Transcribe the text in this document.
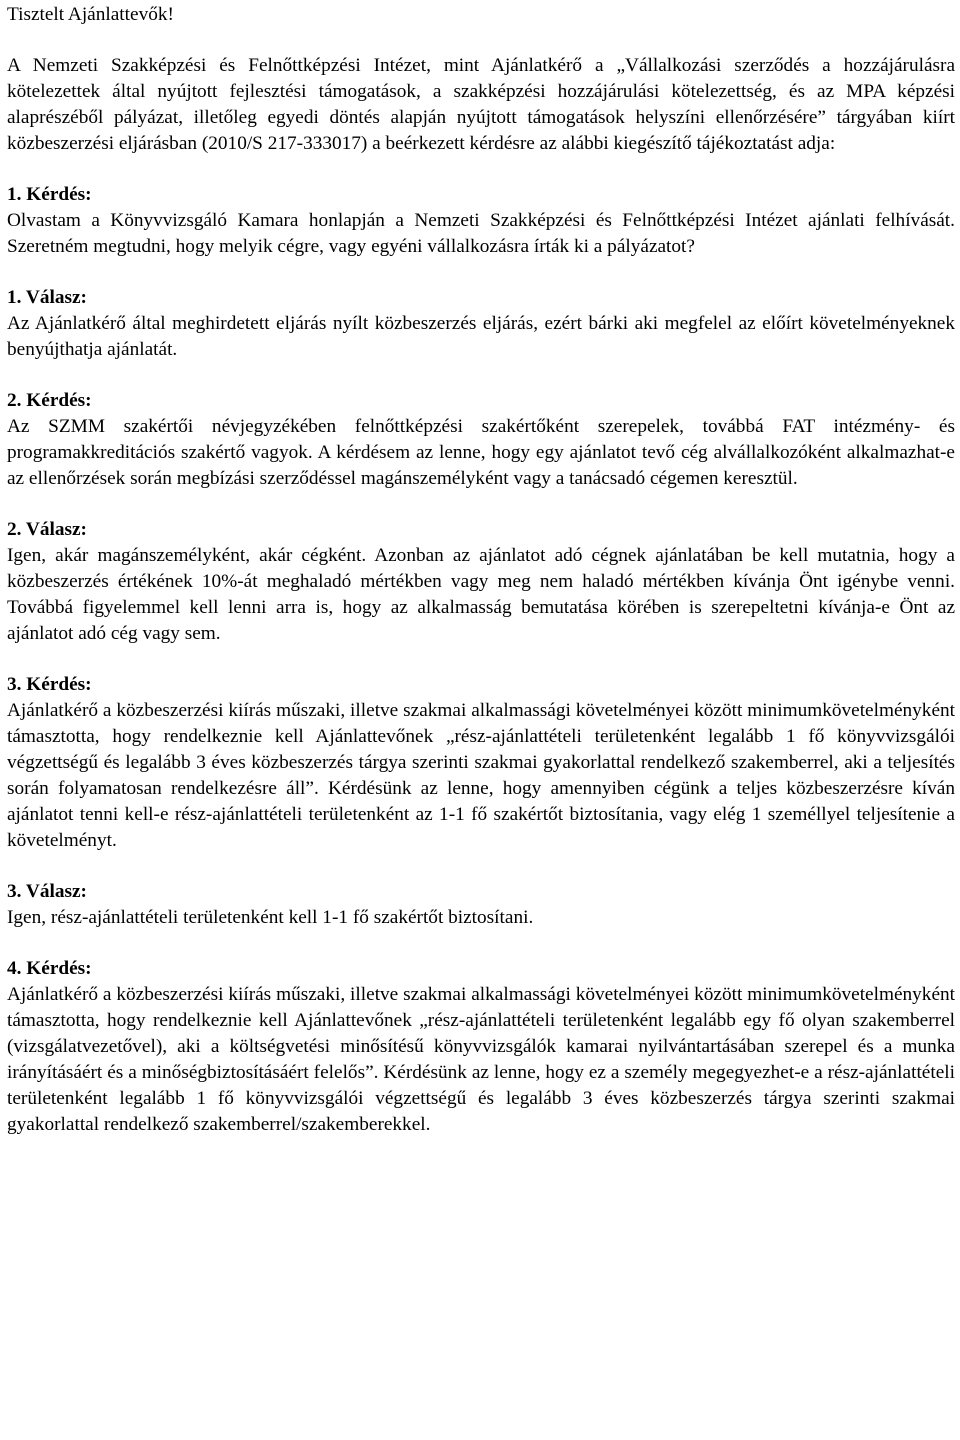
Tisztelt Ajánlattevők!

A Nemzeti Szakképzési és Felnőttképzési Intézet, mint Ajánlatkérő a „Vállalkozási szerződés a hozzájárulásra kötelezettek által nyújtott fejlesztési támogatások, a szakképzési hozzájárulási kötelezettség, és az MPA képzési alaprészéből pályázat, illetőleg egyedi döntés alapján nyújtott támogatások helyszíni ellenőrzésére” tárgyában kiírt közbeszerzési eljárásban (2010/S 217-333017) a beérkezett kérdésre az alábbi kiegészítő tájékoztatást adja:

1. Kérdés:

Olvastam a Könyvvizsgáló Kamara honlapján a Nemzeti Szakképzési és Felnőttképzési Intézet ajánlati felhívását. Szeretném megtudni, hogy melyik cégre, vagy egyéni vállalkozásra írták ki a pályázatot?

1. Válasz:

Az Ajánlatkérő által meghirdetett eljárás nyílt közbeszerzés eljárás, ezért bárki aki megfelel az előírt követelményeknek benyújthatja ajánlatát.

2. Kérdés:

Az SZMM szakértői névjegyzékében felnőttképzési szakértőként szerepelek, továbbá FAT intézmény- és programakkreditációs szakértő vagyok. A kérdésem az lenne, hogy egy ajánlatot tevő cég alvállalkozóként alkalmazhat-e az ellenőrzések során megbízási szerződéssel magánszemélyként vagy a tanácsadó cégemen keresztül.

2. Válasz:

Igen, akár magánszemélyként, akár cégként. Azonban az ajánlatot adó cégnek ajánlatában be kell mutatnia, hogy a közbeszerzés értékének 10%-át meghaladó mértékben vagy meg nem haladó mértékben kívánja Önt igénybe venni. Továbbá figyelemmel kell lenni arra is, hogy az alkalmasság bemutatása körében is szerepeltetni kívánja-e Önt az ajánlatot adó cég vagy sem.

3. Kérdés:

Ajánlatkérő a közbeszerzési kiírás műszaki, illetve szakmai alkalmassági követelményei között minimumkövetelményként támasztotta, hogy rendelkeznie kell Ajánlattevőnek „rész-ajánlattételi területenként legalább 1 fő könyvvizsgálói végzettségű és legalább 3 éves közbeszerzés tárgya szerinti szakmai gyakorlattal rendelkező szakemberrel, aki a teljesítés során folyamatosan rendelkezésre áll”. Kérdésünk az lenne, hogy amennyiben cégünk a teljes közbeszerzésre kíván ajánlatot tenni kell-e rész-ajánlattételi területenként az 1-1 fő szakértőt biztosítania, vagy elég 1 személlyel teljesítenie a követelményt.

3. Válasz:

Igen, rész-ajánlattételi területenként kell 1-1 fő szakértőt biztosítani.

4. Kérdés:

Ajánlatkérő a közbeszerzési kiírás műszaki, illetve szakmai alkalmassági követelményei között minimumkövetelményként támasztotta, hogy rendelkeznie kell Ajánlattevőnek „rész-ajánlattételi területenként legalább egy fő olyan szakemberrel (vizsgálatvezetővel), aki a költségvetési minősítésű könyvvizsgálók kamarai nyilvántartásában szerepel és a munka irányításáért és a minőségbiztosításáért felelős”. Kérdésünk az lenne, hogy ez a személy megegyezhet-e a rész-ajánlattételi területenként legalább 1 fő könyvvizsgálói végzettségű és legalább 3 éves közbeszerzés tárgya szerinti szakmai gyakorlattal rendelkező szakemberrel/szakemberekkel.
